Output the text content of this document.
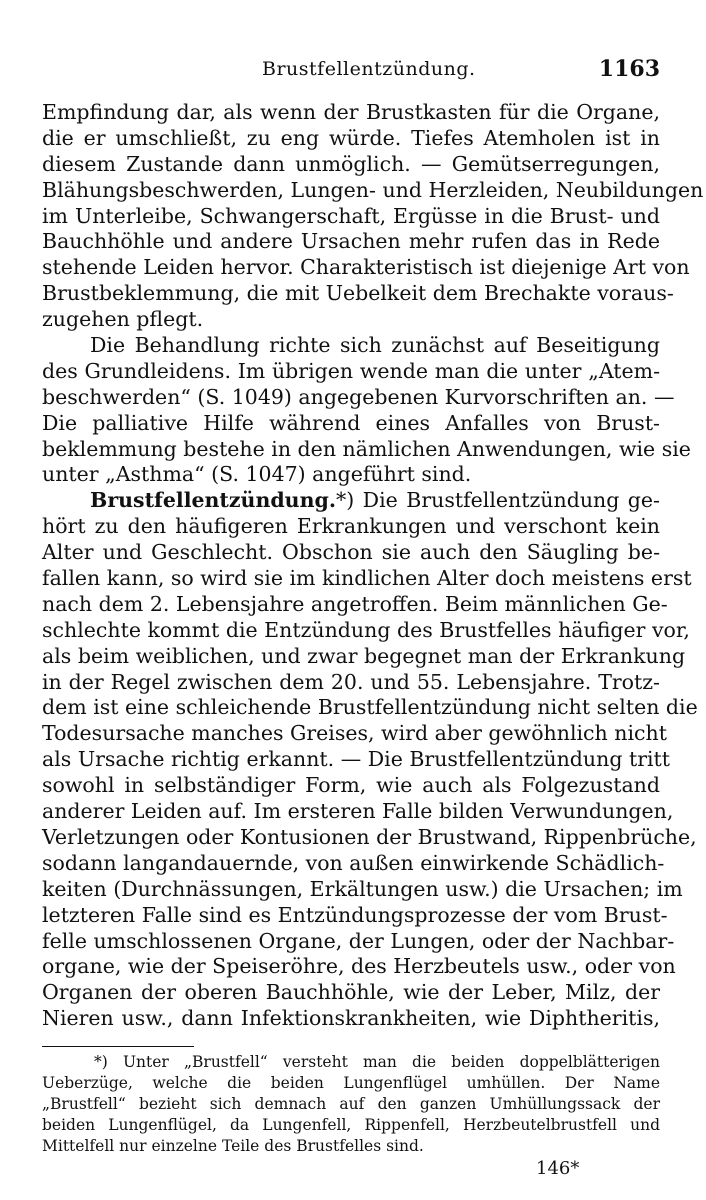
Brustfellentzündung.	1163
Empfindung dar, als wenn der Brustkasten für die Organe,
die er umschließt, zu eng würde. Tiefes Atemholen ist in
diesem Zustande dann unmöglich. — Gemütserregungen,
Blähungsbeschwerden, Lungen- und Herzleiden, Neubildungen
im Unterleibe, Schwangerschaft, Ergüsse in die Brust- und
Bauchhöhle und andere Ursachen mehr rufen das in Rede
stehende Leiden hervor. Charakteristisch ist diejenige Art von
Brustbeklemmung, die mit Uebelkeit dem Brechakte voraus-
zugehen pflegt.
Die Behandlung richte sich zunächst auf Beseitigung
des Grundleidens. Im übrigen wende man die unter „Atem-
beschwerden“ (S. 1049) angegebenen Kurvorschriften an. —
Die palliative Hilfe während eines Anfalles von Brust-
beklemmung bestehe in den nämlichen Anwendungen, wie sie
unter „Asthma“ (S. 1047) angeführt sind.
Brustfellentzündung.*) Die Brustfellentzündung ge-
hört zu den häufigeren Erkrankungen und verschont kein
Alter und Geschlecht. Obschon sie auch den Säugling be-
fallen kann, so wird sie im kindlichen Alter doch meistens erst
nach dem 2. Lebensjahre angetroffen. Beim männlichen Ge-
schlechte kommt die Entzündung des Brustfelles häufiger vor,
als beim weiblichen, und zwar begegnet man der Erkrankung
in der Regel zwischen dem 20. und 55. Lebensjahre. Trotz-
dem ist eine schleichende Brustfellentzündung nicht selten die
Todesursache manches Greises, wird aber gewöhnlich nicht
als Ursache richtig erkannt. — Die Brustfellentzündung tritt
sowohl in selbständiger Form, wie auch als Folgezustand
anderer Leiden auf. Im ersteren Falle bilden Verwundungen,
Verletzungen oder Kontusionen der Brustwand, Rippenbrüche,
sodann langandauernde, von außen einwirkende Schädlich-
keiten (Durchnässungen, Erkältungen usw.) die Ursachen; im
letzteren Falle sind es Entzündungsprozesse der vom Brust-
felle umschlossenen Organe, der Lungen, oder der Nachbar-
organe, wie der Speiseröhre, des Herzbeutels usw., oder von
Organen der oberen Bauchhöhle, wie der Leber, Milz, der
Nieren usw., dann Infektionskrankheiten, wie Diphtheritis,
*) Unter „Brustfell“ versteht man die beiden doppelblätterigen
Ueberzüge, welche die beiden Lungenflügel umhüllen. Der Name
„Brustfell“ bezieht sich demnach auf den ganzen Umhüllungssack der
beiden Lungenflügel, da Lungenfell, Rippenfell, Herzbeutelbrustfell und
Mittelfell nur einzelne Teile des Brustfelles sind.
146*
